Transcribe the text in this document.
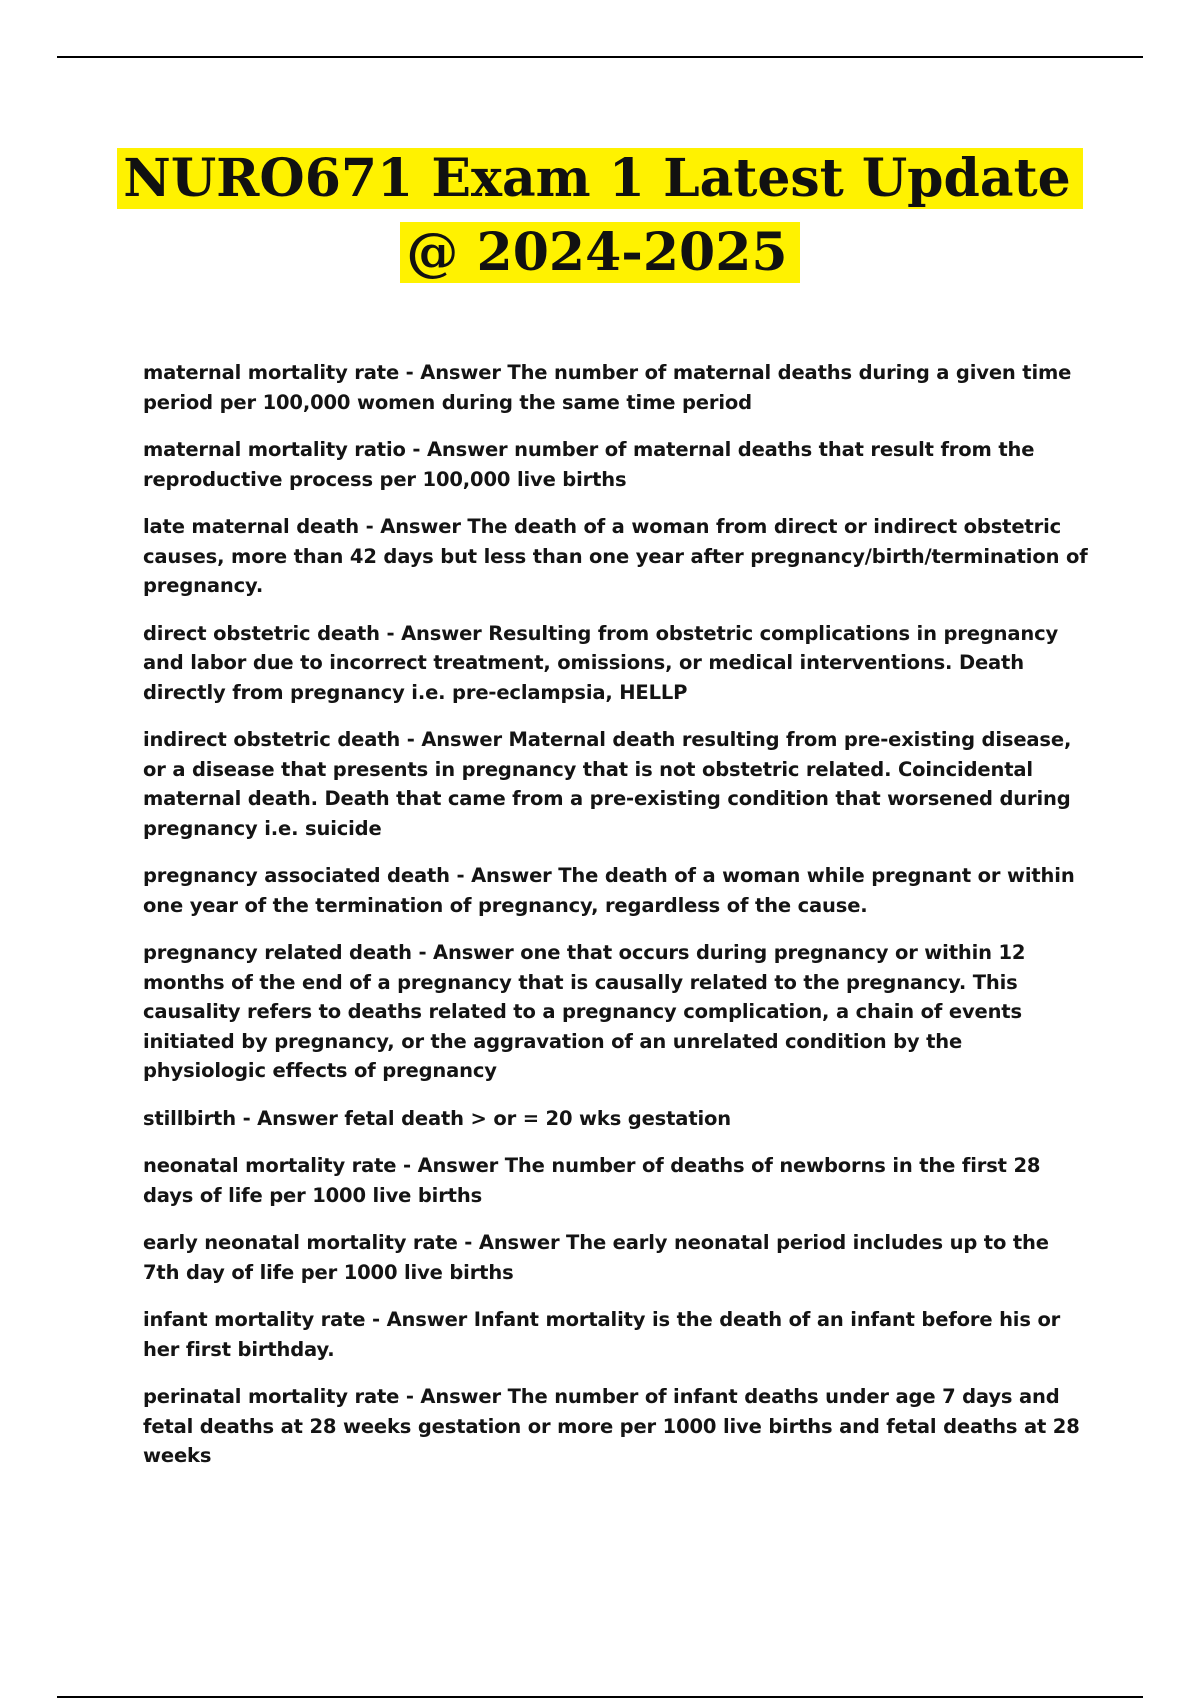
NURO671 Exam 1 Latest Update
@ 2024-2025
maternal mortality rate - Answer The number of maternal deaths during a given time period per 100,000 women during the same time period
maternal mortality ratio - Answer number of maternal deaths that result from the reproductive process per 100,000 live births
late maternal death - Answer The death of a woman from direct or indirect obstetric causes, more than 42 days but less than one year after pregnancy/birth/termination of pregnancy.
direct obstetric death - Answer Resulting from obstetric complications in pregnancy and labor due to incorrect treatment, omissions, or medical interventions. Death directly from pregnancy i.e. pre-eclampsia, HELLP
indirect obstetric death - Answer Maternal death resulting from pre-existing disease, or a disease that presents in pregnancy that is not obstetric related. Coincidental maternal death. Death that came from a pre-existing condition that worsened during pregnancy i.e. suicide
pregnancy associated death - Answer The death of a woman while pregnant or within one year of the termination of pregnancy, regardless of the cause.
pregnancy related death - Answer one that occurs during pregnancy or within 12 months of the end of a pregnancy that is causally related to the pregnancy. This causality refers to deaths related to a pregnancy complication, a chain of events initiated by pregnancy, or the aggravation of an unrelated condition by the physiologic effects of pregnancy
stillbirth - Answer fetal death > or = 20 wks gestation
neonatal mortality rate - Answer The number of deaths of newborns in the first 28 days of life per 1000 live births
early neonatal mortality rate - Answer The early neonatal period includes up to the 7th day of life per 1000 live births
infant mortality rate - Answer Infant mortality is the death of an infant before his or her first birthday.
perinatal mortality rate - Answer The number of infant deaths under age 7 days and fetal deaths at 28 weeks gestation or more per 1000 live births and fetal deaths at 28 weeks
